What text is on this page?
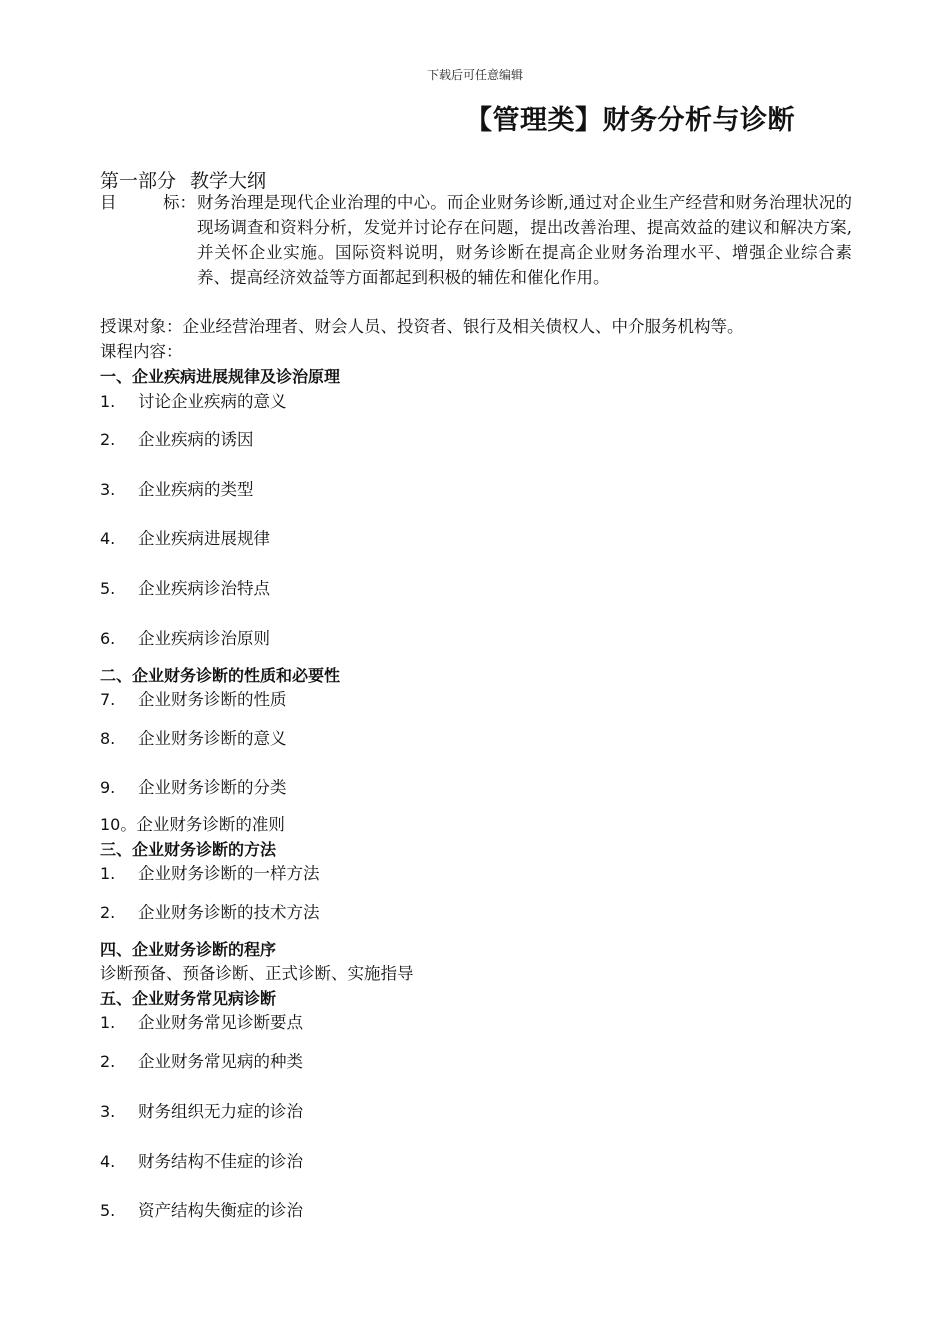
下载后可任意编辑
【管理类】财务分析与诊断
第一部分 教学大纲
目	标： 财务治理是现代企业治理的中心。而企业财务诊断,通过对企业生产经营和财务治理状况的现场调查和资料分析，发觉并讨论存在问题，提出改善治理、提高效益的建议和解决方案,并关怀企业实施。国际资料说明，财务诊断在提高企业财务治理水平、增强企业综合素养、提高经济效益等方面都起到积极的辅佐和催化作用。
授课对象：企业经营治理者、财会人员、投资者、银行及相关债权人、中介服务机构等。
课程内容：
一、企业疾病进展规律及诊治原理
1. 讨论企业疾病的意义
2. 企业疾病的诱因
3. 企业疾病的类型
4. 企业疾病进展规律
5. 企业疾病诊治特点
6. 企业疾病诊治原则
二、企业财务诊断的性质和必要性
7. 企业财务诊断的性质
8. 企业财务诊断的意义
9. 企业财务诊断的分类
10。企业财务诊断的准则
三、企业财务诊断的方法
1. 企业财务诊断的一样方法
2. 企业财务诊断的技术方法
四、企业财务诊断的程序
诊断预备、预备诊断、正式诊断、实施指导
五、企业财务常见病诊断
1. 企业财务常见诊断要点
2. 企业财务常见病的种类
3. 财务组织无力症的诊治
4. 财务结构不佳症的诊治
5. 资产结构失衡症的诊治
